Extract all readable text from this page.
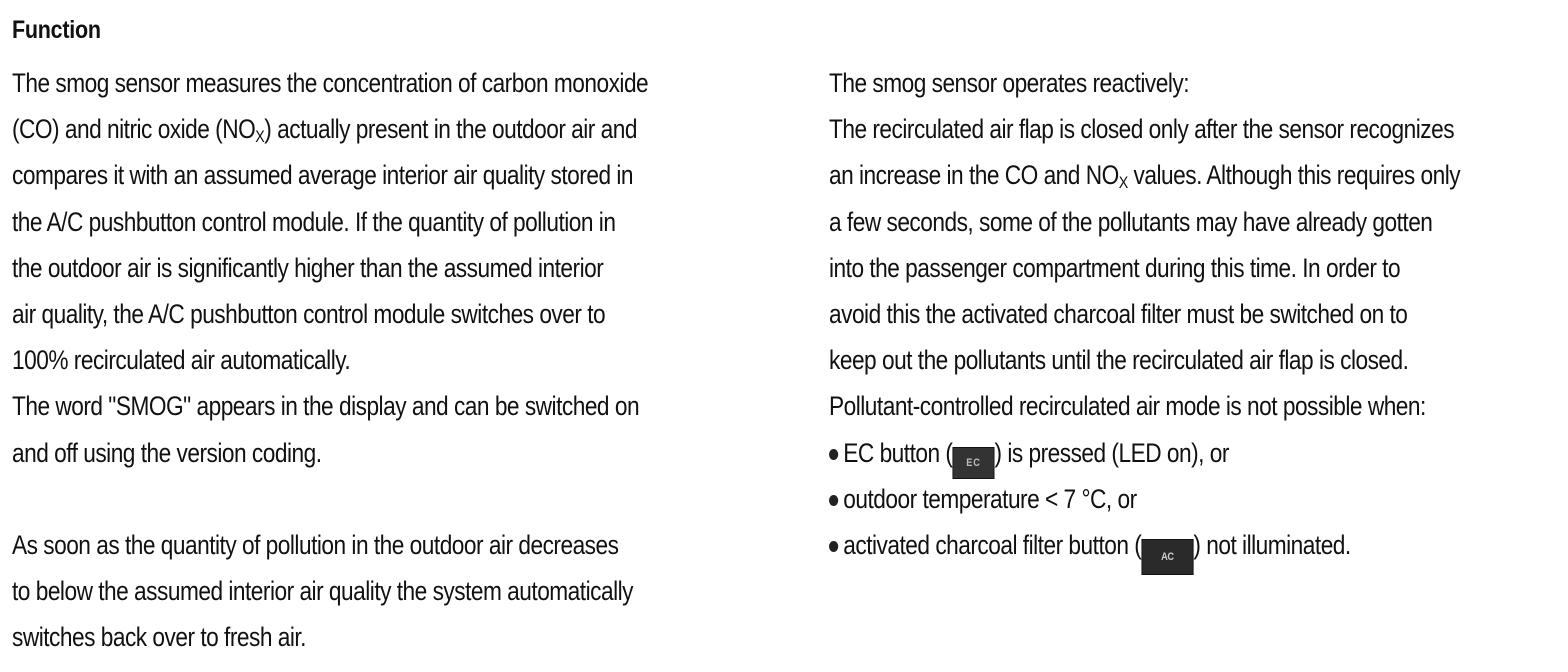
Function
The smog sensor measures the concentration of carbon monoxide
(CO) and nitric oxide $(NO_X)$ actually present in the outdoor air and
compares it with an assumed average interior air quality stored in
the A/C pushbutton control module. If the quantity of pollution in
the outdoor air is significantly higher than the assumed interior
air quality, the A/C pushbutton control module switches over to
100% recirculated air automatically.
The word "SMOG" appears in the display and can be switched on
and off using the version coding.
As soon as the quantity of pollution in the outdoor air decreases
to below the assumed interior air quality the system automatically
switches back over to fresh air.
The smog sensor operates reactively:
The recirculated air flap is closed only after the sensor recognizes
an increase in the CO and $NO_X$ values. Although this requires only
a few seconds, some of the pollutants may have already gotten
into the passenger compartment during this time. In order to
avoid this the activated charcoal filter must be switched on to
keep out the pollutants until the recirculated air flap is closed.
Pollutant-controlled recirculated air mode is not possible when:
EC button ( EC ) is pressed (LED on), or
outdoor temperature < 7 °C, or
activated charcoal filter button ( AC ) not illuminated.
